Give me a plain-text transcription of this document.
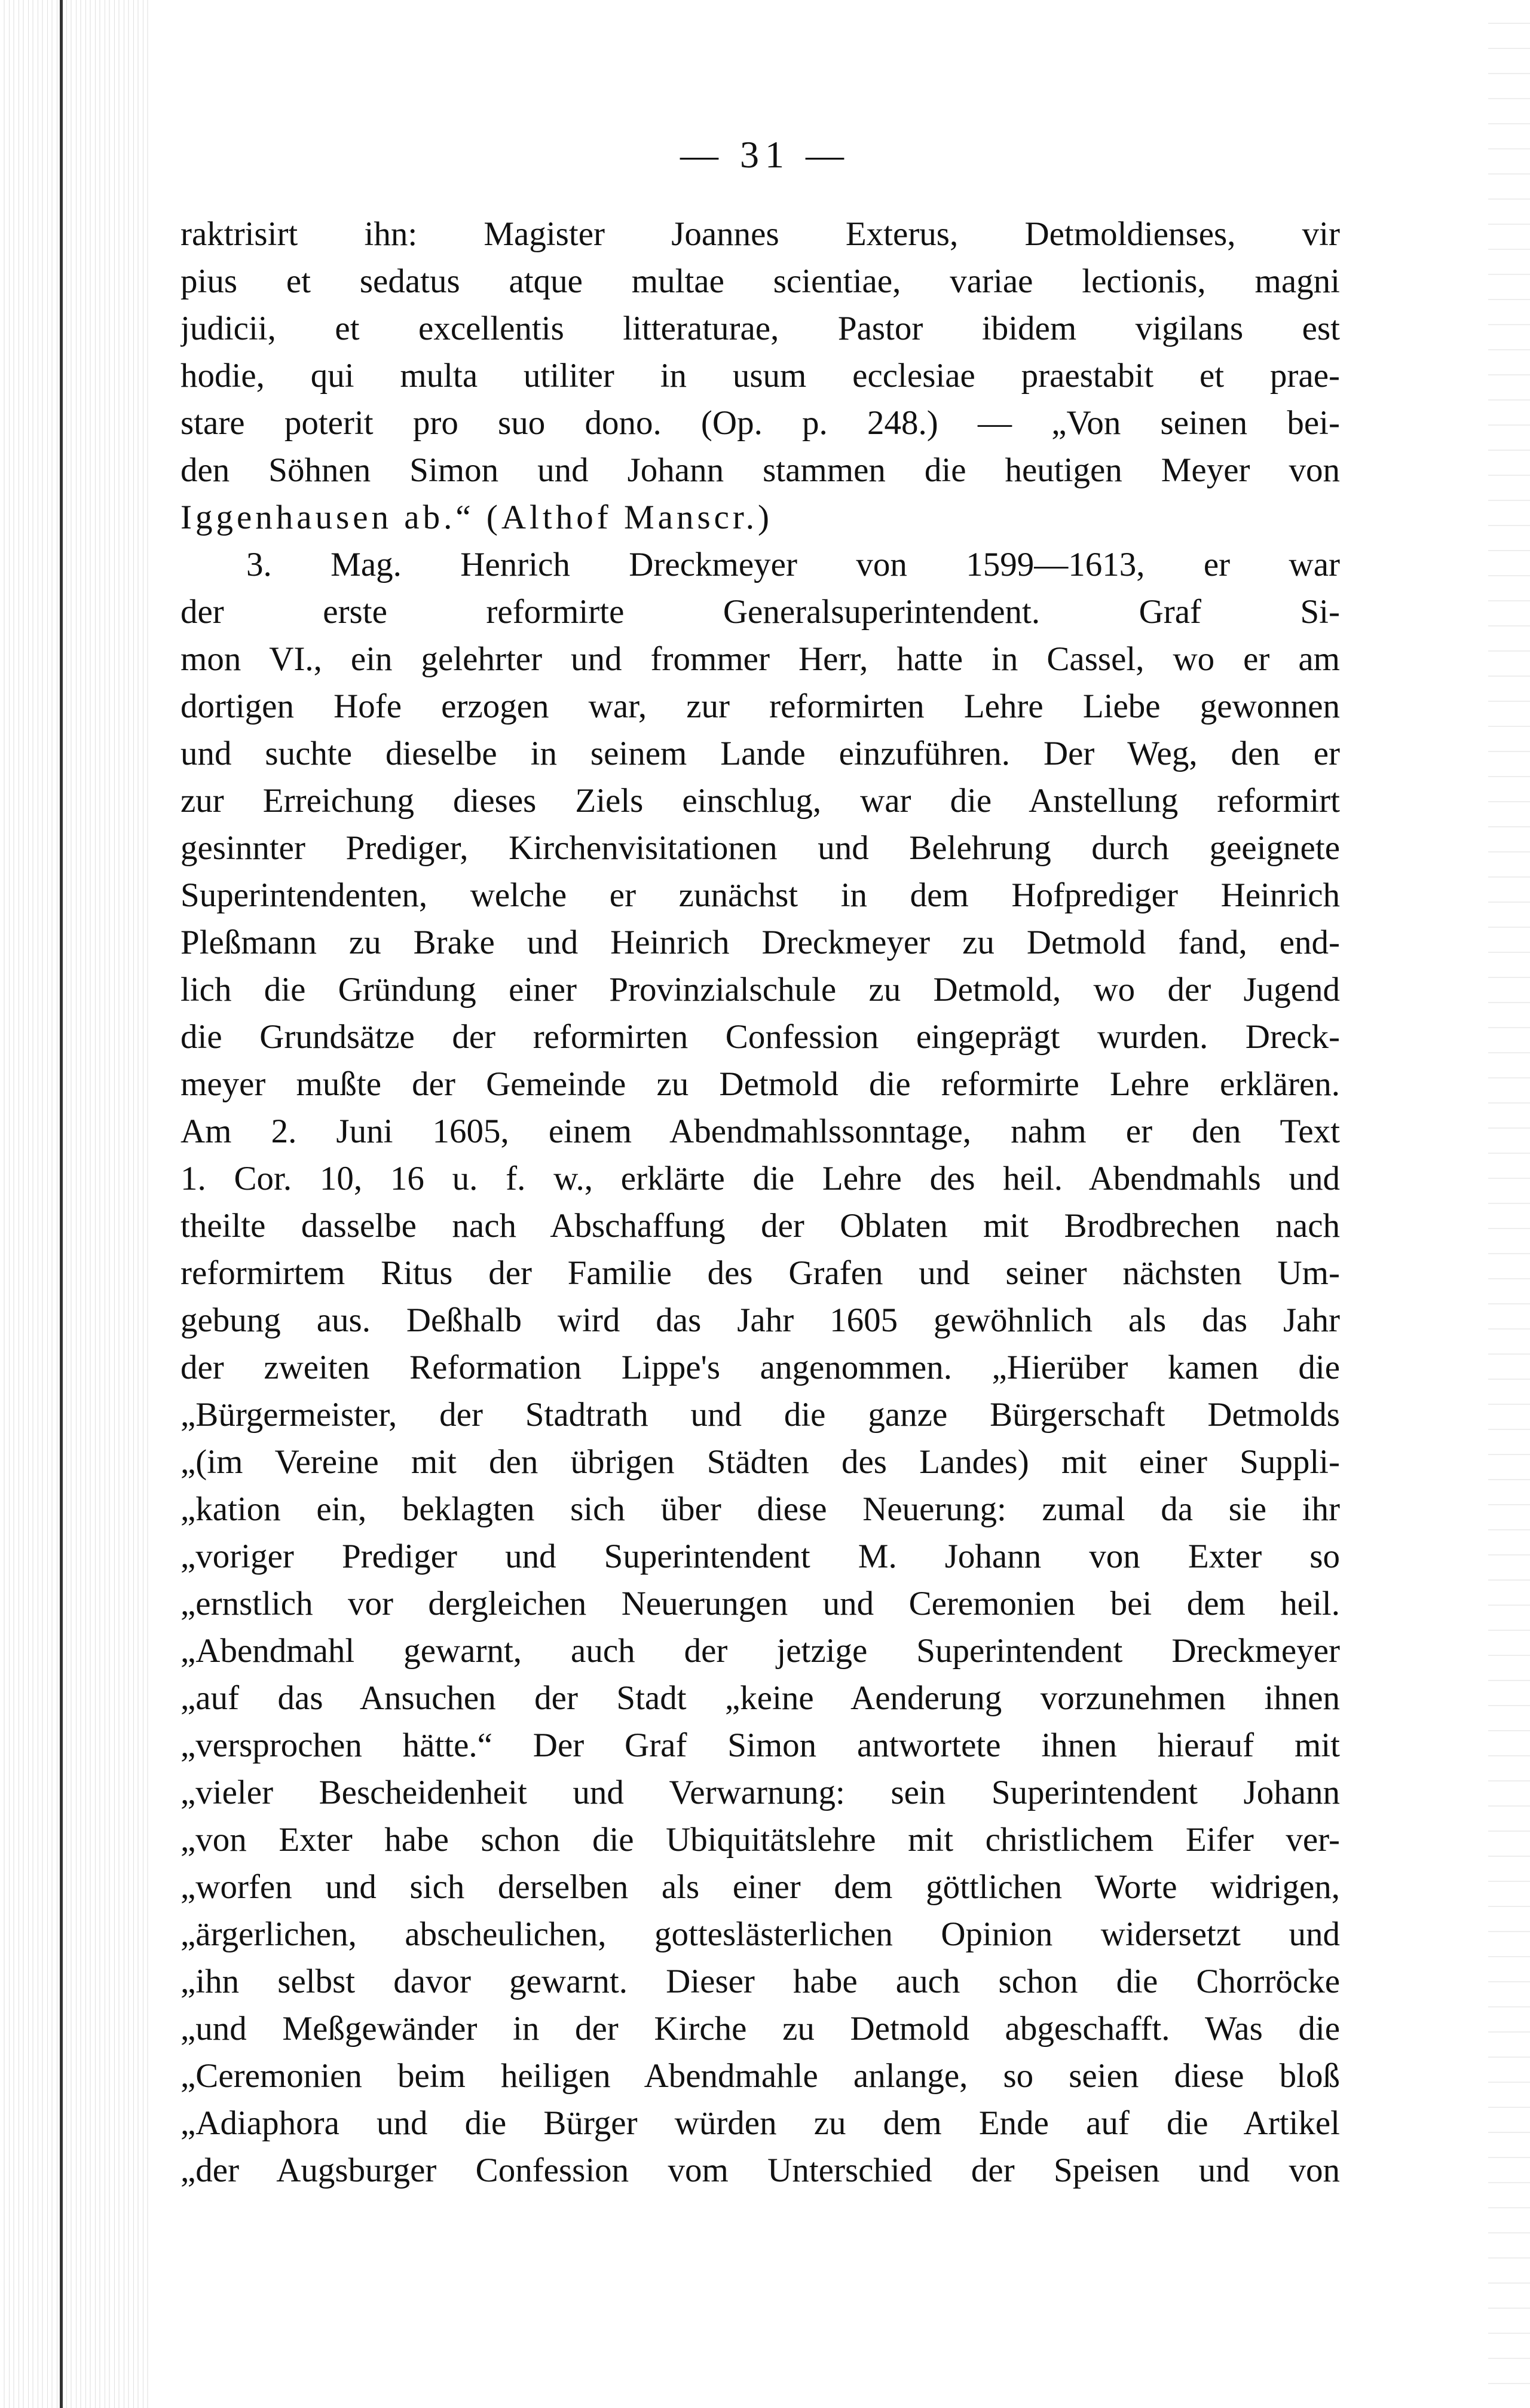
— 31 —
raktrisirt ihn: Magister Joannes Exterus, Detmoldienses, vir
pius et sedatus atque multae scientiae, variae lectionis, magni
judicii, et excellentis litteraturae, Pastor ibidem vigilans est
hodie, qui multa utiliter in usum ecclesiae praestabit et prae-
stare poterit pro suo dono. (Op. p. 248.) — „Von seinen bei-
den Söhnen Simon und Johann stammen die heutigen Meyer von
Iggenhausen ab.“ (Althof Manscr.)
3. Mag. Henrich Dreckmeyer von 1599—1613, er war
der erste reformirte Generalsuperintendent. Graf Si-
mon VI., ein gelehrter und frommer Herr, hatte in Cassel, wo er am
dortigen Hofe erzogen war, zur reformirten Lehre Liebe gewonnen
und suchte dieselbe in seinem Lande einzuführen. Der Weg, den er
zur Erreichung dieses Ziels einschlug, war die Anstellung reformirt
gesinnter Prediger, Kirchenvisitationen und Belehrung durch geeignete
Superintendenten, welche er zunächst in dem Hofprediger Heinrich
Pleßmann zu Brake und Heinrich Dreckmeyer zu Detmold fand, end-
lich die Gründung einer Provinzialschule zu Detmold, wo der Jugend
die Grundsätze der reformirten Confession eingeprägt wurden. Dreck-
meyer mußte der Gemeinde zu Detmold die reformirte Lehre erklären.
Am 2. Juni 1605, einem Abendmahlssonntage, nahm er den Text
1. Cor. 10, 16 u. f. w., erklärte die Lehre des heil. Abendmahls und
theilte dasselbe nach Abschaffung der Oblaten mit Brodbrechen nach
reformirtem Ritus der Familie des Grafen und seiner nächsten Um-
gebung aus. Deßhalb wird das Jahr 1605 gewöhnlich als das Jahr
der zweiten Reformation Lippe's angenommen. „Hierüber kamen die
„Bürgermeister, der Stadtrath und die ganze Bürgerschaft Detmolds
„(im Vereine mit den übrigen Städten des Landes) mit einer Suppli-
„kation ein, beklagten sich über diese Neuerung: zumal da sie ihr
„voriger Prediger und Superintendent M. Johann von Exter so
„ernstlich vor dergleichen Neuerungen und Ceremonien bei dem heil.
„Abendmahl gewarnt, auch der jetzige Superintendent Dreckmeyer
„auf das Ansuchen der Stadt „keine Aenderung vorzunehmen ihnen
„versprochen hätte.“ Der Graf Simon antwortete ihnen hierauf mit
„vieler Bescheidenheit und Verwarnung: sein Superintendent Johann
„von Exter habe schon die Ubiquitätslehre mit christlichem Eifer ver-
„worfen und sich derselben als einer dem göttlichen Worte widrigen,
„ärgerlichen, abscheulichen, gotteslästerlichen Opinion widersetzt und
„ihn selbst davor gewarnt. Dieser habe auch schon die Chorröcke
„und Meßgewänder in der Kirche zu Detmold abgeschafft. Was die
„Ceremonien beim heiligen Abendmahle anlange, so seien diese bloß
„Adiaphora und die Bürger würden zu dem Ende auf die Artikel
„der Augsburger Confession vom Unterschied der Speisen und von
